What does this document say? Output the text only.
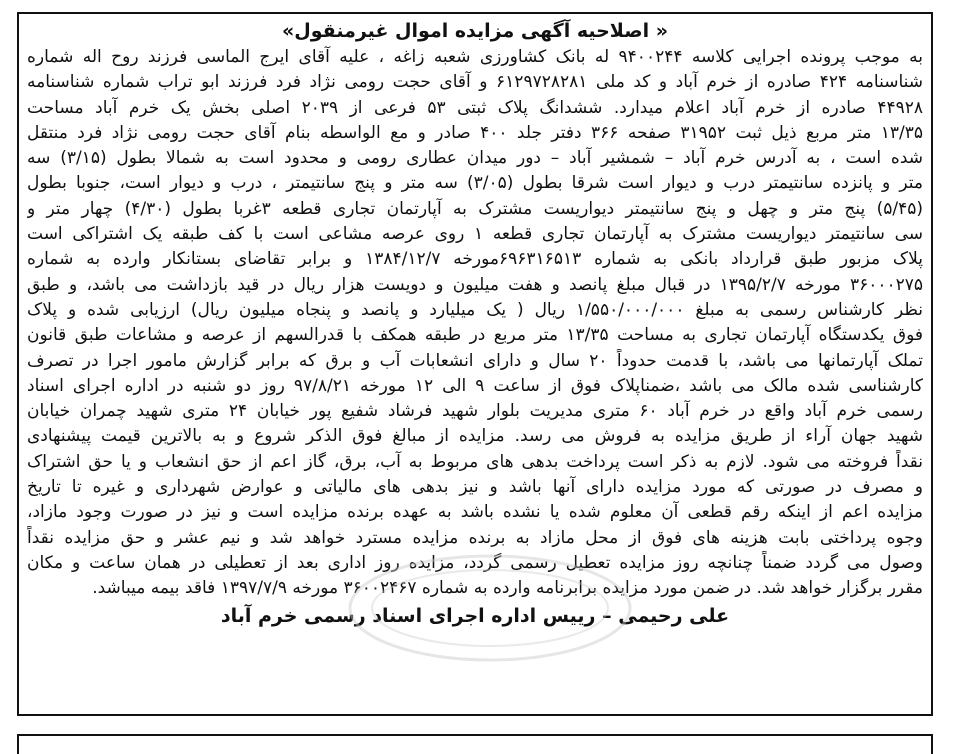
« اصلاحیه آگهی مزایده اموال غیرمنقول»
به موجب پرونده اجرایی کلاسه ۹۴۰۰۲۴۴ له بانک کشاورزی شعبه زاغه ، علیه آقای ایرج الماسی فرزند روح اله شماره
شناسنامه ۴۲۴ صادره از خرم آباد و کد ملی ۶۱۲۹۷۲۸۲۸۱ و آقای حجت رومی نژاد فرد فرزند ابو تراب شماره شناسنامه
۴۴۹۲۸ صادره از خرم آباد اعلام میدارد. ششدانگ پلاک ثبتی ۵۳ فرعی از ۲۰۳۹ اصلی بخش یک خرم آباد مساحت
۱۳/۳۵ متر مربع ذیل ثبت ۳۱۹۵۲ صفحه ۳۶۶ دفتر جلد ۴۰۰ صادر و مع الواسطه بنام آقای حجت رومی نژاد فرد منتقل
شده است ، به آدرس خرم آباد – شمشیر آباد – دور میدان عطاری رومی و محدود است به شمالا بطول (۳/۱۵) سه
متر و پانزده سانتیمتر درب و دیوار است شرقا بطول (۳/۰۵) سه متر و پنج سانتیمتر ، درب و دیوار است، جنوبا بطول
(۵/۴۵) پنج متر و چهل و پنج سانتیمتر دیواریست مشترک به آپارتمان تجاری قطعه ۳غربا بطول (۴/۳۰) چهار متر و
سی سانتیمتر دیواریست مشترک به آپارتمان تجاری قطعه ۱ روی عرصه مشاعی است با کف طبقه یک اشتراکی است
پلاک مزبور طبق قرارداد بانکی به شماره ۶۹۶۳۱۶۵۱۳مورخه ۱۳۸۴/۱۲/۷ و برابر تقاضای بستانکار وارده به شماره
۳۶۰۰۰۲۷۵ مورخه ۱۳۹۵/۲/۷ در قبال مبلغ پانصد و هفت میلیون و دویست هزار ریال در قید بازداشت می باشد، و طبق
نظر کارشناس رسمی به مبلغ ۱/۵۵۰/۰۰۰/۰۰۰ ریال ( یک میلیارد و پانصد و پنجاه میلیون ریال) ارزیابی شده و پلاک
فوق یکدستگاه آپارتمان تجاری به مساحت ۱۳/۳۵ متر مربع در طبقه همکف با قدرالسهم از عرصه و مشاعات طبق قانون
تملک آپارتمانها می باشد، با قدمت حدوداً ۲۰ سال و دارای انشعابات آب و برق که برابر گزارش مامور اجرا در تصرف
کارشناسی شده مالک می باشد ،ضمناپلاک فوق از ساعت ۹ الی ۱۲ مورخه ۹۷/۸/۲۱ روز دو شنبه در اداره اجرای اسناد
رسمی خرم آباد واقع در خرم آباد ۶۰ متری مدیریت بلوار شهید فرشاد شفیع پور خیابان ۲۴ متری شهید چمران خیابان
شهید جهان آراء از طریق مزایده به فروش می رسد. مزایده از مبالغ فوق الذکر شروع و به بالاترین قیمت پیشنهادی
نقداً فروخته می شود. لازم به ذکر است پرداخت بدهی های مربوط به آب، برق، گاز اعم از حق انشعاب و یا حق اشتراک
و مصرف در صورتی که مورد مزایده دارای آنها باشد و نیز بدهی های مالیاتی و عوارض شهرداری و غیره تا تاریخ
مزایده اعم از اینکه رقم قطعی آن معلوم شده یا نشده باشد به عهده برنده مزایده است و نیز در صورت وجود مازاد،
وجوه پرداختی بابت هزینه های فوق از محل مازاد به برنده مزایده مسترد خواهد شد و نیم عشر و حق مزایده نقداً
وصول می گردد ضمناً چنانچه روز مزایده تعطیل رسمی گردد، مزایده روز اداری بعد از تعطیلی در همان ساعت و مکان
مقرر برگزار خواهد شد. در ضمن مورد مزایده برابرنامه وارده به شماره ۳۶۰۰۲۴۶۷ مورخه ۱۳۹۷/۷/۹ فاقد بیمه میباشد.
علی رحیمی – رییس اداره اجرای اسناد رسمی خرم آباد
